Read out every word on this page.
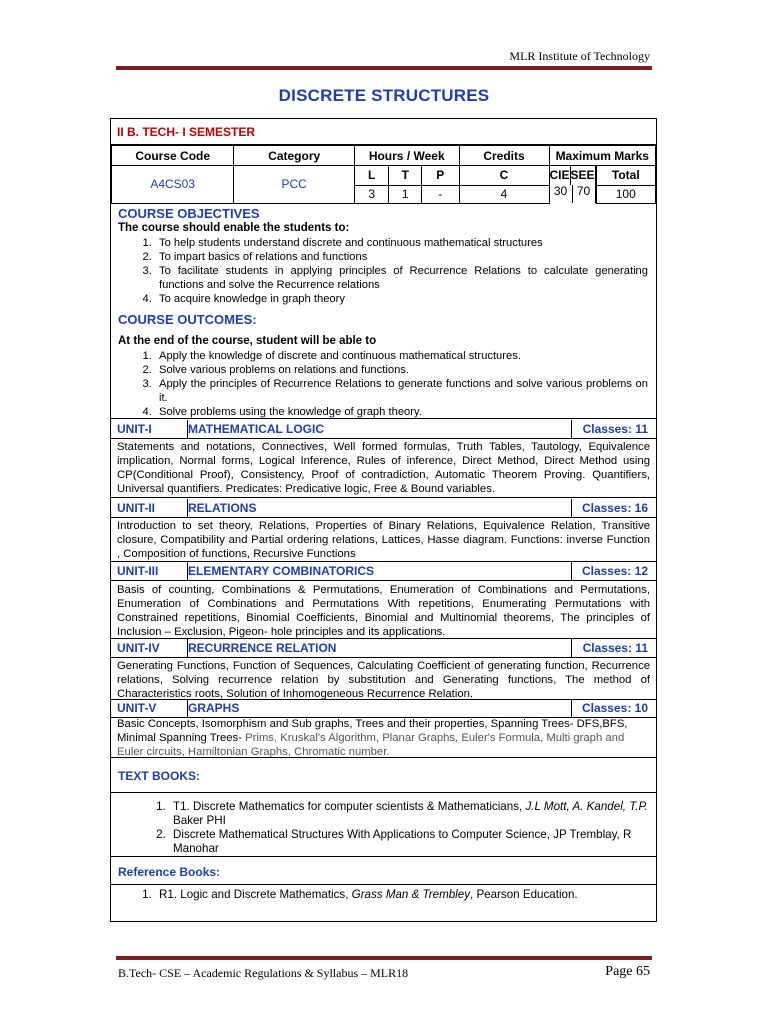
MLR Institute of Technology
DISCRETE STRUCTURES
II B. TECH- I SEMESTER
Course Code	Category	Hours / Week			Credits	Maximum Marks	
A4CS03	PCC	L	T	P	C	CIE SEE	Total
		3	1	-	4	30 70	100
COURSE OBJECTIVES
The course should enable the students to:
1. To help students understand discrete and continuous mathematical structures
2. To impart basics of relations and functions
3. To facilitate students in applying principles of Recurrence Relations to calculate generating functions and solve the Recurrence relations
4. To acquire knowledge in graph theory
COURSE OUTCOMES:
At the end of the course, student will be able to
1. Apply the knowledge of discrete and continuous mathematical structures.
2. Solve various problems on relations and functions.
3. Apply the principles of Recurrence Relations to generate functions and solve various problems on it.
4. Solve problems using the knowledge of graph theory.
UNIT-I	MATHEMATICAL LOGIC	Classes: 11
Statements and notations, Connectives, Well formed formulas, Truth Tables, Tautology, Equivalence implication, Normal forms, Logical Inference, Rules of inference, Direct Method, Direct Method using CP(Conditional Proof), Consistency, Proof of contradiction, Automatic Theorem Proving. Quantifiers, Universal quantifiers. Predicates: Predicative logic, Free & Bound variables.
UNIT-II	RELATIONS	Classes: 16
Introduction to set theory, Relations, Properties of Binary Relations, Equivalence Relation, Transitive closure, Compatibility and Partial ordering relations, Lattices, Hasse diagram. Functions: inverse Function , Composition of functions, Recursive Functions
UNIT-III	ELEMENTARY COMBINATORICS	Classes: 12
Basis of counting, Combinations & Permutations, Enumeration of Combinations and Permutations, Enumeration of Combinations and Permutations With repetitions, Enumerating Permutations with Constrained repetitions, Binomial Coefficients, Binomial and Multinomial theorems, The principles of Inclusion – Exclusion, Pigeon- hole principles and its applications.
UNIT-IV	RECURRENCE RELATION	Classes: 11
Generating Functions, Function of Sequences, Calculating Coefficient of generating function, Recurrence relations, Solving recurrence relation by substitution and Generating functions, The method of Characteristics roots, Solution of Inhomogeneous Recurrence Relation.
UNIT-V	GRAPHS	Classes: 10
Basic Concepts, Isomorphism and Sub graphs, Trees and their properties, Spanning Trees- DFS,BFS, Minimal Spanning Trees- Prims, Kruskal's Algorithm, Planar Graphs, Euler's Formula, Multi graph and Euler circuits, Hamiltonian Graphs, Chromatic number.
TEXT BOOKS:
1. T1. Discrete Mathematics for computer scientists & Mathematicians, J.L Mott, A. Kandel, T.P. Baker PHI
2. Discrete Mathematical Structures With Applications to Computer Science, JP Tremblay, R Manohar
Reference Books:
1. R1. Logic and Discrete Mathematics, Grass Man & Trembley, Pearson Education.
B.Tech- CSE – Academic Regulations & Syllabus – MLR18	Page 65
